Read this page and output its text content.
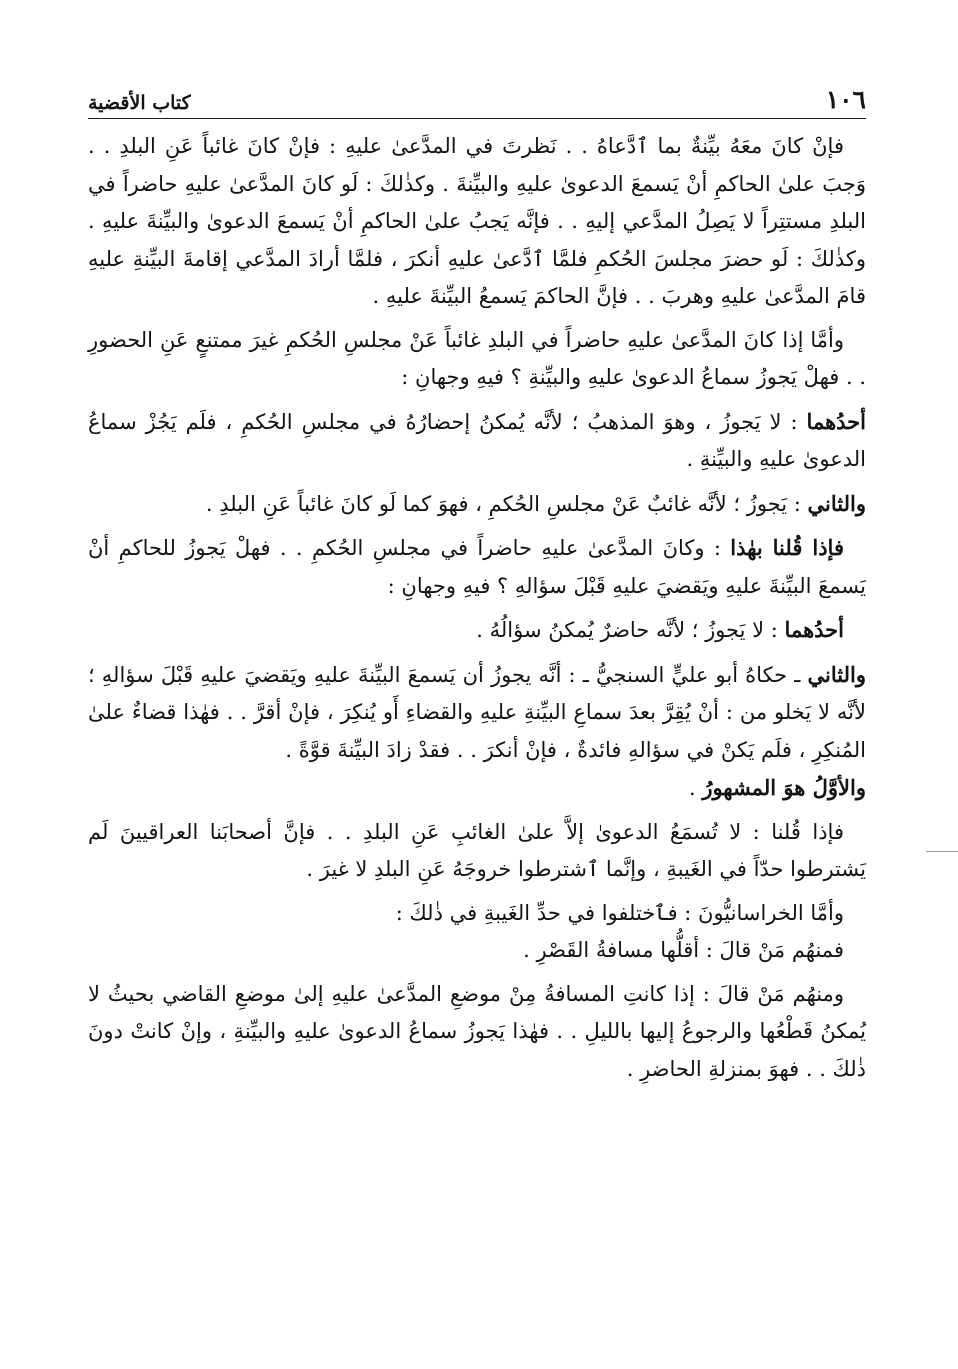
كتاب الأقضية	١٠٦

فإنْ كانَ معَهُ بيِّنةٌ بما ٱدَّعاهُ . . نَظرتَ في المدَّعىٰ عليهِ : فإنْ كانَ غائباً عَنِ البلدِ . . وَجبَ علىٰ الحاكمِ أنْ يَسمعَ الدعوىٰ عليهِ والبيِّنةَ . وكذٰلكَ : لَو كانَ المدَّعىٰ عليهِ حاضراً في البلدِ مستتِراً لا يَصِلُ المدَّعي إليهِ . . فإنَّه يَجبُ علىٰ الحاكمِ أنْ يَسمعَ الدعوىٰ والبيِّنةَ عليهِ . وكذٰلكَ : لَو حضرَ مجلسَ الحُكمِ فلمَّا ٱدَّعىٰ عليهِ أنكرَ ، فلمَّا أرادَ المدَّعي إقامةَ البيِّنةِ عليهِ قامَ المدَّعىٰ عليهِ وهربَ . . فإنَّ الحاكمَ يَسمعُ البيِّنةَ عليهِ .

وأمَّا إذا كانَ المدَّعىٰ عليهِ حاضراً في البلدِ غائباً عَنْ مجلسِ الحُكمِ غيرَ ممتنعٍ عَنِ الحضورِ . . فهلْ يَجوزُ سماعُ الدعوىٰ عليهِ والبيِّنةِ ؟ فيهِ وجهانِ :

أحدُهما : لا يَجوزُ ، وهوَ المذهبُ ؛ لأنَّه يُمكنُ إحضارُهُ في مجلسِ الحُكمِ ، فلَم يَجُزْ سماعُ الدعوىٰ عليهِ والبيِّنةِ .

والثاني : يَجوزُ ؛ لأنَّه غائبٌ عَنْ مجلسِ الحُكمِ ، فهوَ كما لَو كانَ غائباً عَنِ البلدِ .

فإذا قُلنا بهٰذا : وكانَ المدَّعىٰ عليهِ حاضراً في مجلسِ الحُكمِ . . فهلْ يَجوزُ للحاكمِ أنْ يَسمعَ البيِّنةَ عليهِ ويَقضيَ عليهِ قَبْلَ سؤالهِ ؟ فيهِ وجهانِ :

أحدُهما : لا يَجوزُ ؛ لأنَّه حاضرٌ يُمكنُ سؤالُهُ .

والثاني ـ حكاهُ أبو عليٍّ السنجيُّ ـ : أنَّه يجوزُ أن يَسمعَ البيِّنةَ عليهِ ويَقضيَ عليهِ قَبْلَ سؤالهِ ؛ لأنَّه لا يَخلو من : أنْ يُقِرَّ بعدَ سماعِ البيِّنةِ عليهِ والقضاءِ أَو يُنكِرَ ، فإنْ أقرَّ . . فهٰذا قضاءٌ علىٰ المُنكِرِ ، فلَم يَكنْ في سؤالهِ فائدةٌ ، فإنْ أنكرَ . . فقدْ زادَ البيِّنةَ قوَّةً .

والأوَّلُ هوَ المشهورُ .

فإذا قُلنا : لا تُسمَعُ الدعوىٰ إلاَّ علىٰ الغائبِ عَنِ البلدِ . . فإنَّ أصحابَنا العراقيينَ لَم يَشترطوا حدّاً في الغَيبةِ ، وإنَّما ٱشترطوا خروجَهُ عَنِ البلدِ لا غيرَ .

وأمَّا الخراسانيُّونَ : فٱختلفوا في حدِّ الغَيبةِ في ذٰلكَ :

فمنهُم مَنْ قالَ : أقلُّها مسافةُ القَصْرِ .

ومنهُم مَنْ قالَ : إذا كانتِ المسافةُ مِنْ موضعِ المدَّعىٰ عليهِ إلىٰ موضعِ القاضي بحيثُ لا يُمكنُ قَطْعُها والرجوعُ إليها بالليلِ . . فهٰذا يَجوزُ سماعُ الدعوىٰ عليهِ والبيِّنةِ ، وإنْ كانتْ دونَ ذٰلكَ . . فهوَ بمنزلةِ الحاضرِ .
